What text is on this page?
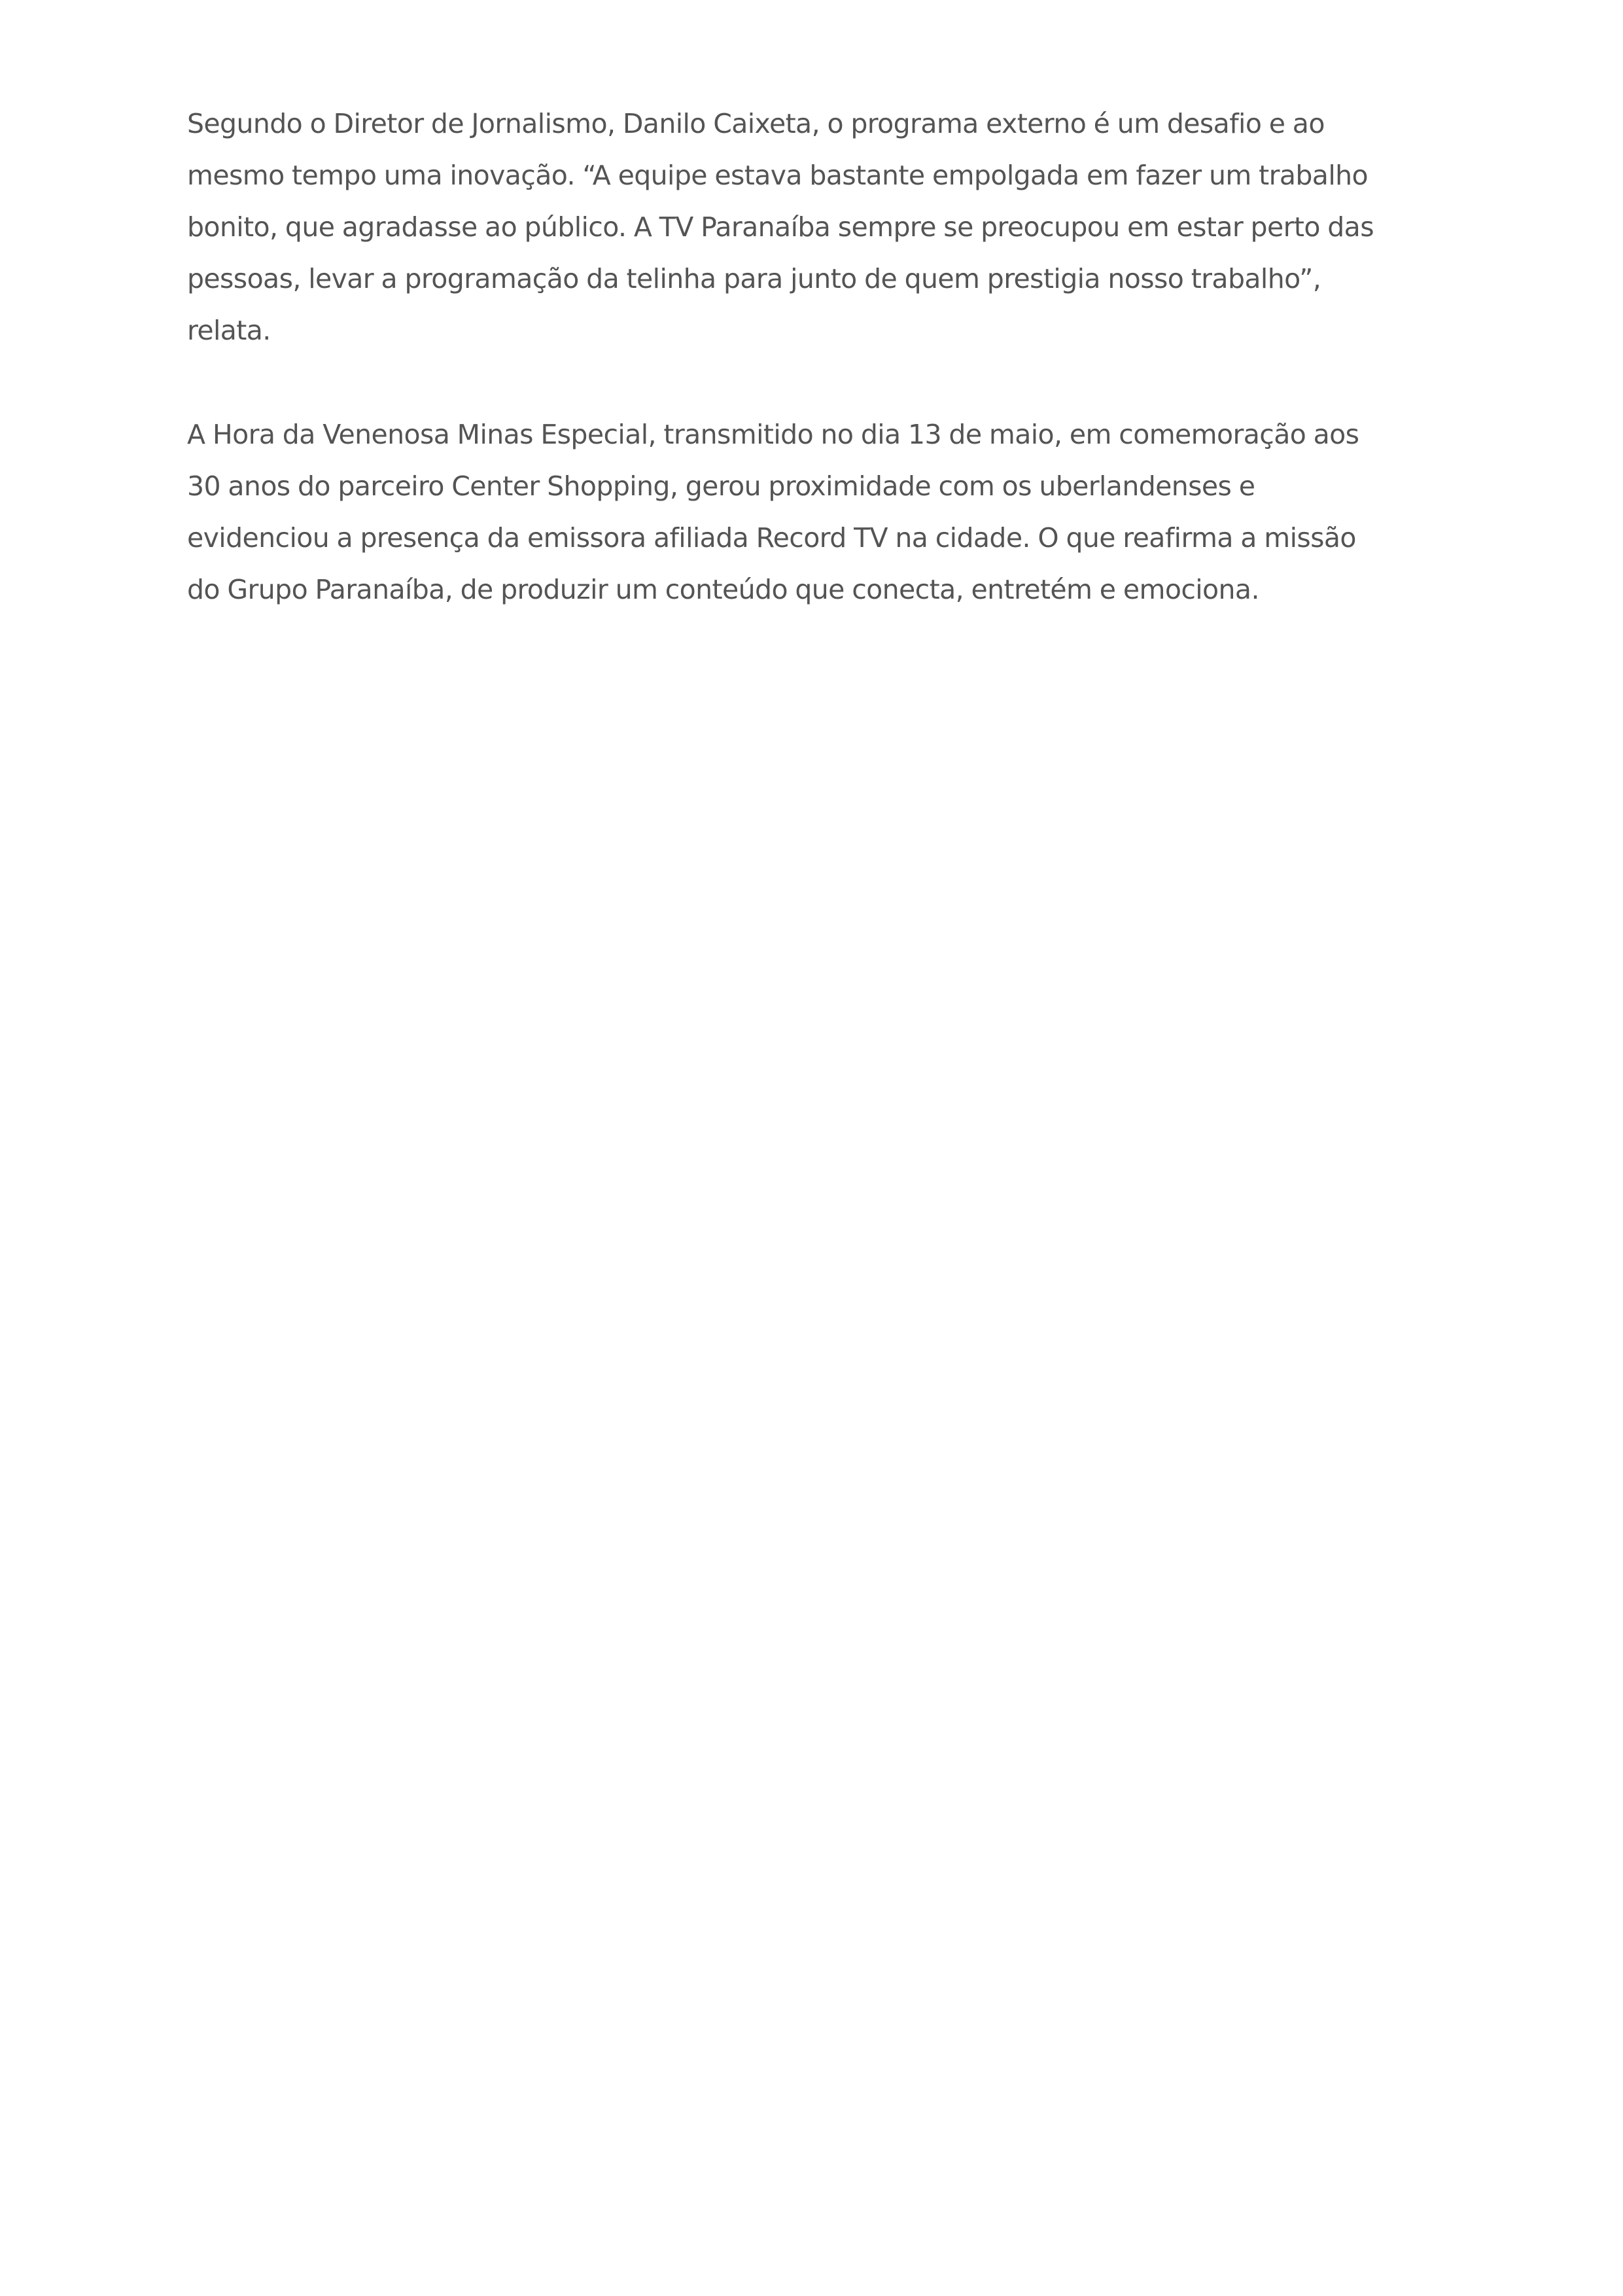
Segundo o Diretor de Jornalismo, Danilo Caixeta, o programa externo é um desafio e ao
mesmo tempo uma inovação. “A equipe estava bastante empolgada em fazer um trabalho
bonito, que agradasse ao público. A TV Paranaíba sempre se preocupou em estar perto das
pessoas, levar a programação da telinha para junto de quem prestigia nosso trabalho”,
relata.

A Hora da Venenosa Minas Especial, transmitido no dia 13 de maio, em comemoração aos
30 anos do parceiro Center Shopping, gerou proximidade com os uberlandenses e
evidenciou a presença da emissora afiliada Record TV na cidade. O que reafirma a missão
do Grupo Paranaíba, de produzir um conteúdo que conecta, entretém e emociona.
